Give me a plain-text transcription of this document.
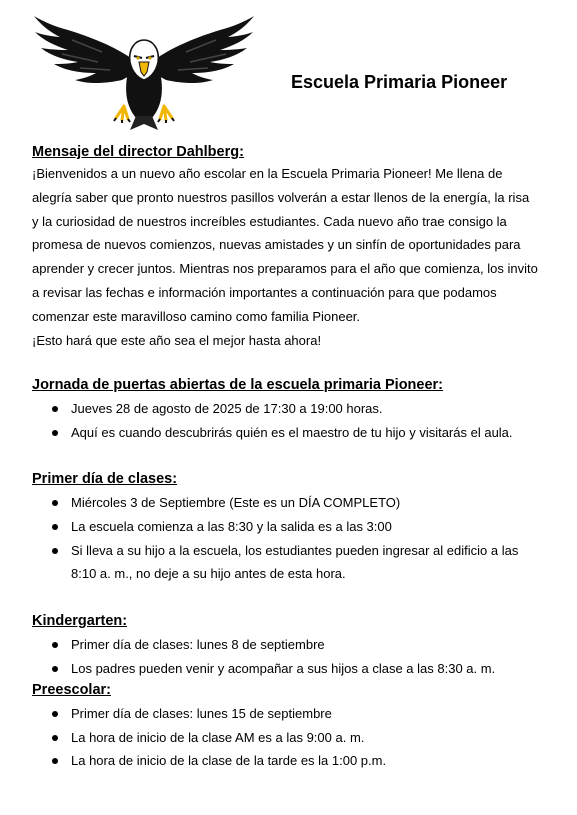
Escuela Primaria Pioneer
Mensaje del director Dahlberg:

¡Bienvenidos a un nuevo año escolar en la Escuela Primaria Pioneer! Me llena de
alegría saber que pronto nuestros pasillos volverán a estar llenos de la energía, la risa
y la curiosidad de nuestros increíbles estudiantes. Cada nuevo año trae consigo la
promesa de nuevos comienzos, nuevas amistades y un sinfín de oportunidades para
aprender y crecer juntos. Mientras nos preparamos para el año que comienza, los invito
a revisar las fechas e información importantes a continuación para que podamos
comenzar este maravilloso camino como familia Pioneer.
¡Esto hará que este año sea el mejor hasta ahora!

Jornada de puertas abiertas de la escuela primaria Pioneer:
Jueves 28 de agosto de 2025 de 17:30 a 19:00 horas.
Aquí es cuando descubrirás quién es el maestro de tu hijo y visitarás el aula.
Primer día de clases:
Miércoles 3 de Septiembre (Este es un DÍA COMPLETO)
La escuela comienza a las 8:30 y la salida es a las 3:00
Si lleva a su hijo a la escuela, los estudiantes pueden ingresar al edificio a las
8:10 a. m., no deje a su hijo antes de esta hora.
Kindergarten:
Primer día de clases: lunes 8 de septiembre
Los padres pueden venir y acompañar a sus hijos a clase a las 8:30 a. m.
Preescolar:
Primer día de clases: lunes 15 de septiembre
La hora de inicio de la clase AM es a las 9:00 a. m.
La hora de inicio de la clase de la tarde es la 1:00 p.m.
